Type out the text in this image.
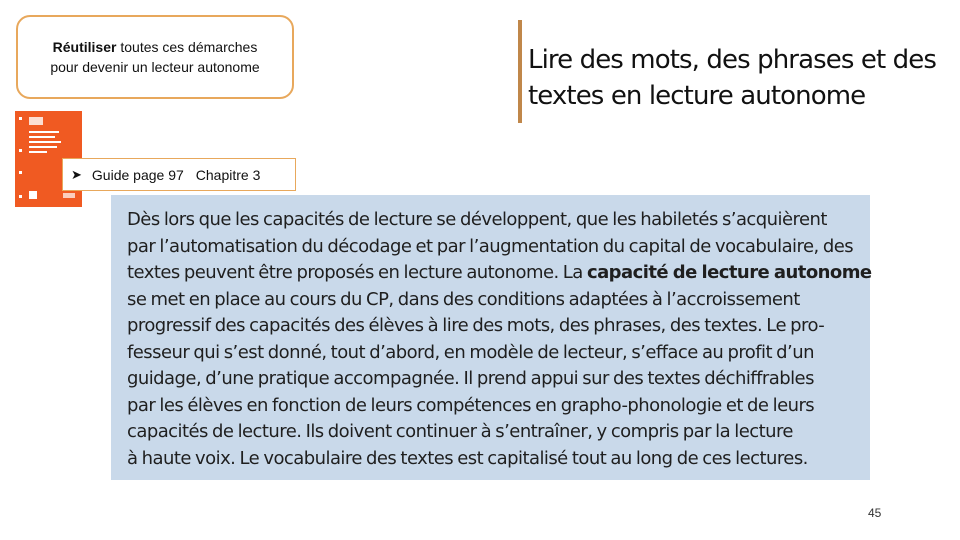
Réutiliser toutes ces démarches
pour devenir un lecteur autonome	Lire des mots, des phrases et des
textes en lecture autonome
➤ Guide page 97 Chapitre 3
Dès lors que les capacités de lecture se développent, que les habiletés s’acquièrent
par l’automatisation du décodage et par l’augmentation du capital de vocabulaire, des
textes peuvent être proposés en lecture autonome. La capacité de lecture autonome
se met en place au cours du CP, dans des conditions adaptées à l’accroissement
progressif des capacités des élèves à lire des mots, des phrases, des textes. Le pro-
fesseur qui s’est donné, tout d’abord, en modèle de lecteur, s’efface au profit d’un
guidage, d’une pratique accompagnée. Il prend appui sur des textes déchiffrables
par les élèves en fonction de leurs compétences en grapho-phonologie et de leurs
capacités de lecture. Ils doivent continuer à s’entraîner, y compris par la lecture
à haute voix. Le vocabulaire des textes est capitalisé tout au long de ces lectures.
45
